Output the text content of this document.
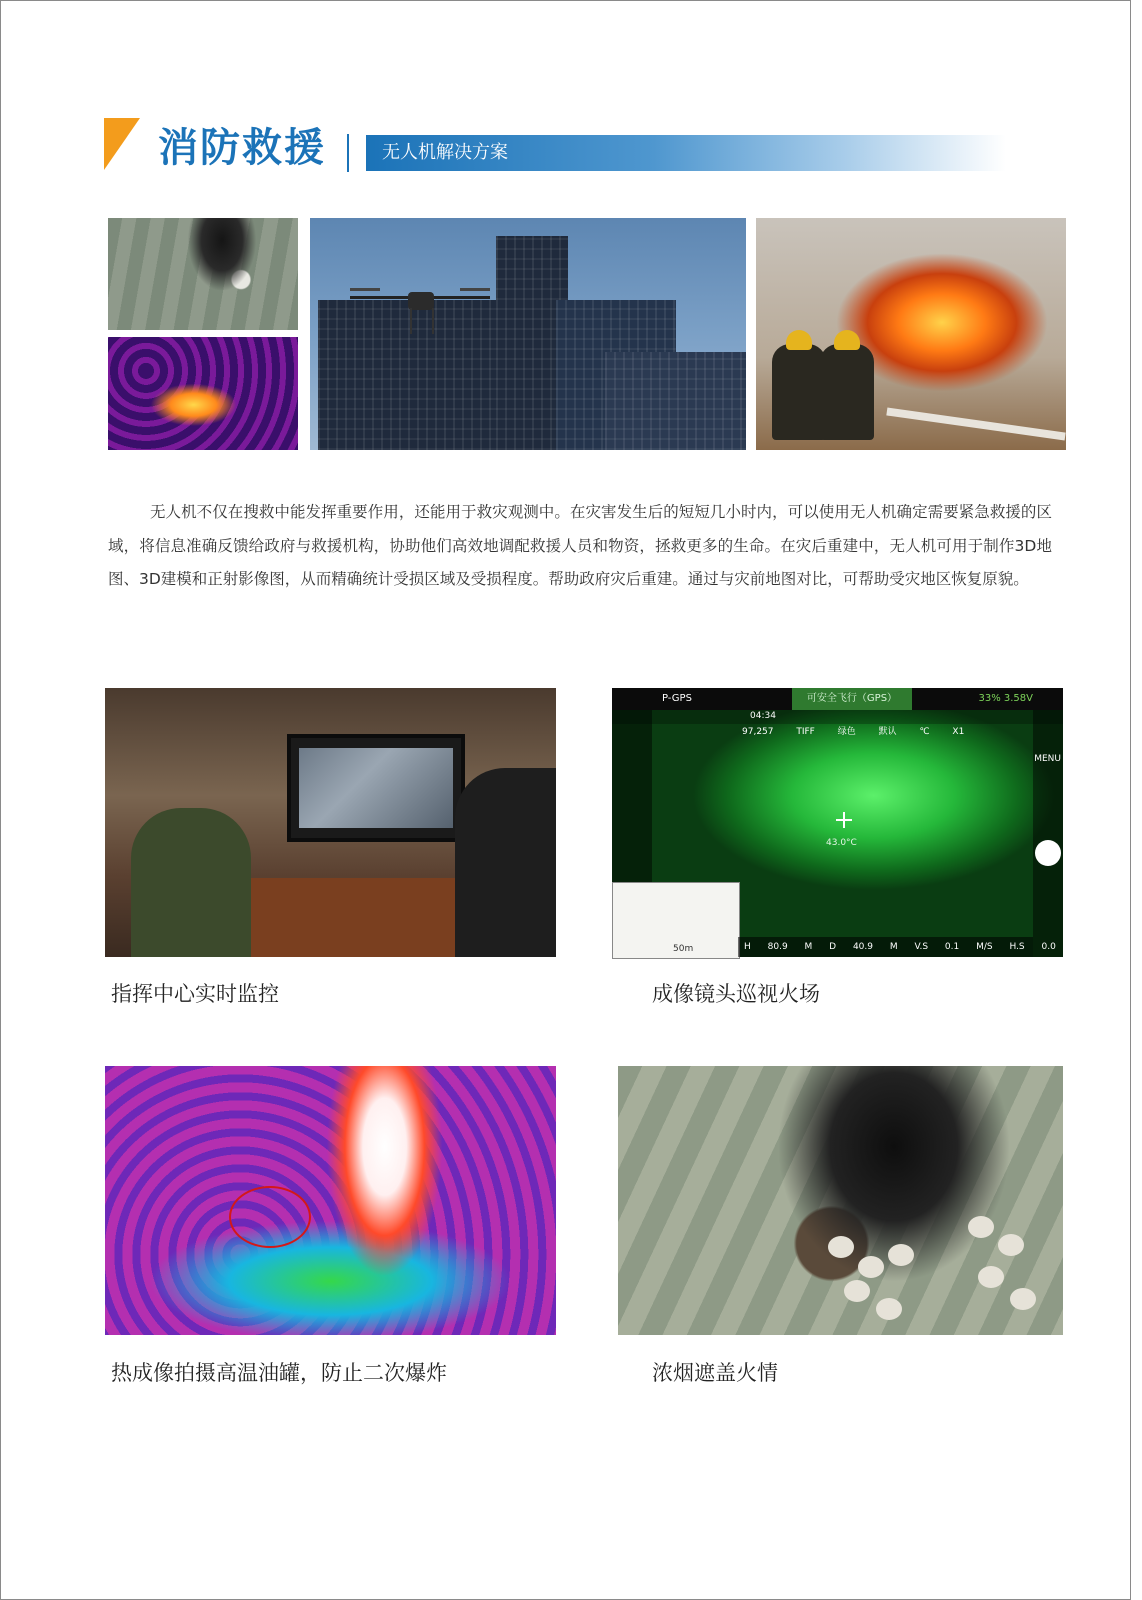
消防救援	无人机解决方案

无人机不仅在搜救中能发挥重要作用，还能用于救灾观测中。在灾害发生后的短短几小时内，可以使用无人机确定需要紧急救援的区域，将信息准确反馈给政府与救援机构，协助他们高效地调配救援人员和物资，拯救更多的生命。在灾后重建中，无人机可用于制作3D地图、3D建模和正射影像图，从而精确统计受损区域及受损程度。帮助政府灾后重建。通过与灾前地图对比，可帮助受灾地区恢复原貌。

P-GPS	可安全飞行（GPS）	33% 3.58V
04:34
97,257 TIFF 绿色 默认 ℃ X1
MENU
43.0°C
50m	H 80.9 M D 40.9 M V.S 0.1 M/S H.S 0.0 M/S 39 M

指挥中心实时监控	成像镜头巡视火场

热成像拍摄高温油罐，防止二次爆炸	浓烟遮盖火情
